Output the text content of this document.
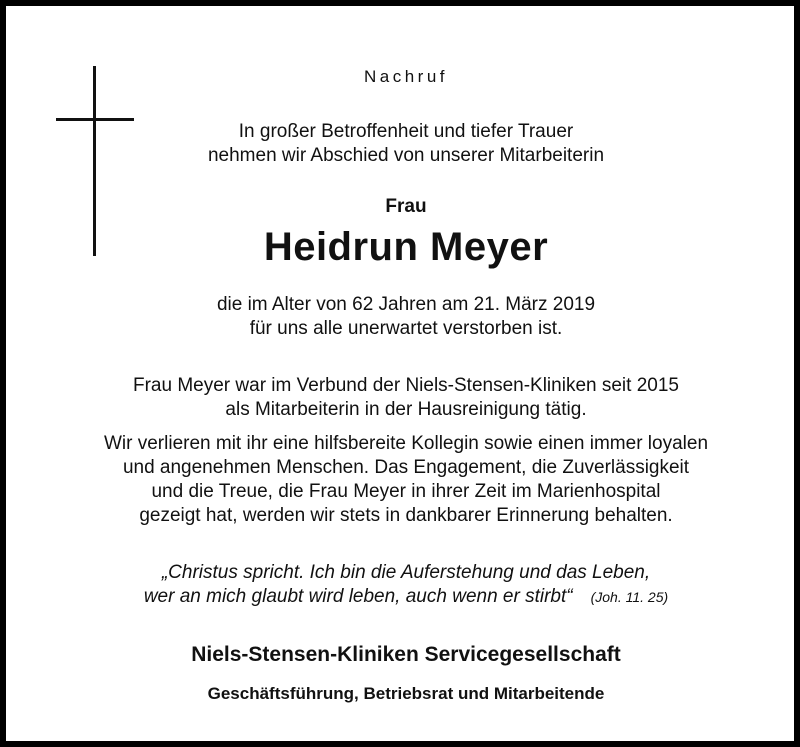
Nachruf
In großer Betroffenheit und tiefer Trauer
nehmen wir Abschied von unserer Mitarbeiterin
Frau
Heidrun Meyer
die im Alter von 62 Jahren am 21. März 2019
für uns alle unerwartet verstorben ist.
Frau Meyer war im Verbund der Niels-Stensen-Kliniken seit 2015
als Mitarbeiterin in der Hausreinigung tätig.
Wir verlieren mit ihr eine hilfsbereite Kollegin sowie einen immer loyalen
und angenehmen Menschen. Das Engagement, die Zuverlässigkeit
und die Treue, die Frau Meyer in ihrer Zeit im Marienhospital
gezeigt hat, werden wir stets in dankbarer Erinnerung behalten.
„Christus spricht. Ich bin die Auferstehung und das Leben,
wer an mich glaubt wird leben, auch wenn er stirbt“ (Joh. 11. 25)
Niels-Stensen-Kliniken Servicegesellschaft
Geschäftsführung, Betriebsrat und Mitarbeitende
